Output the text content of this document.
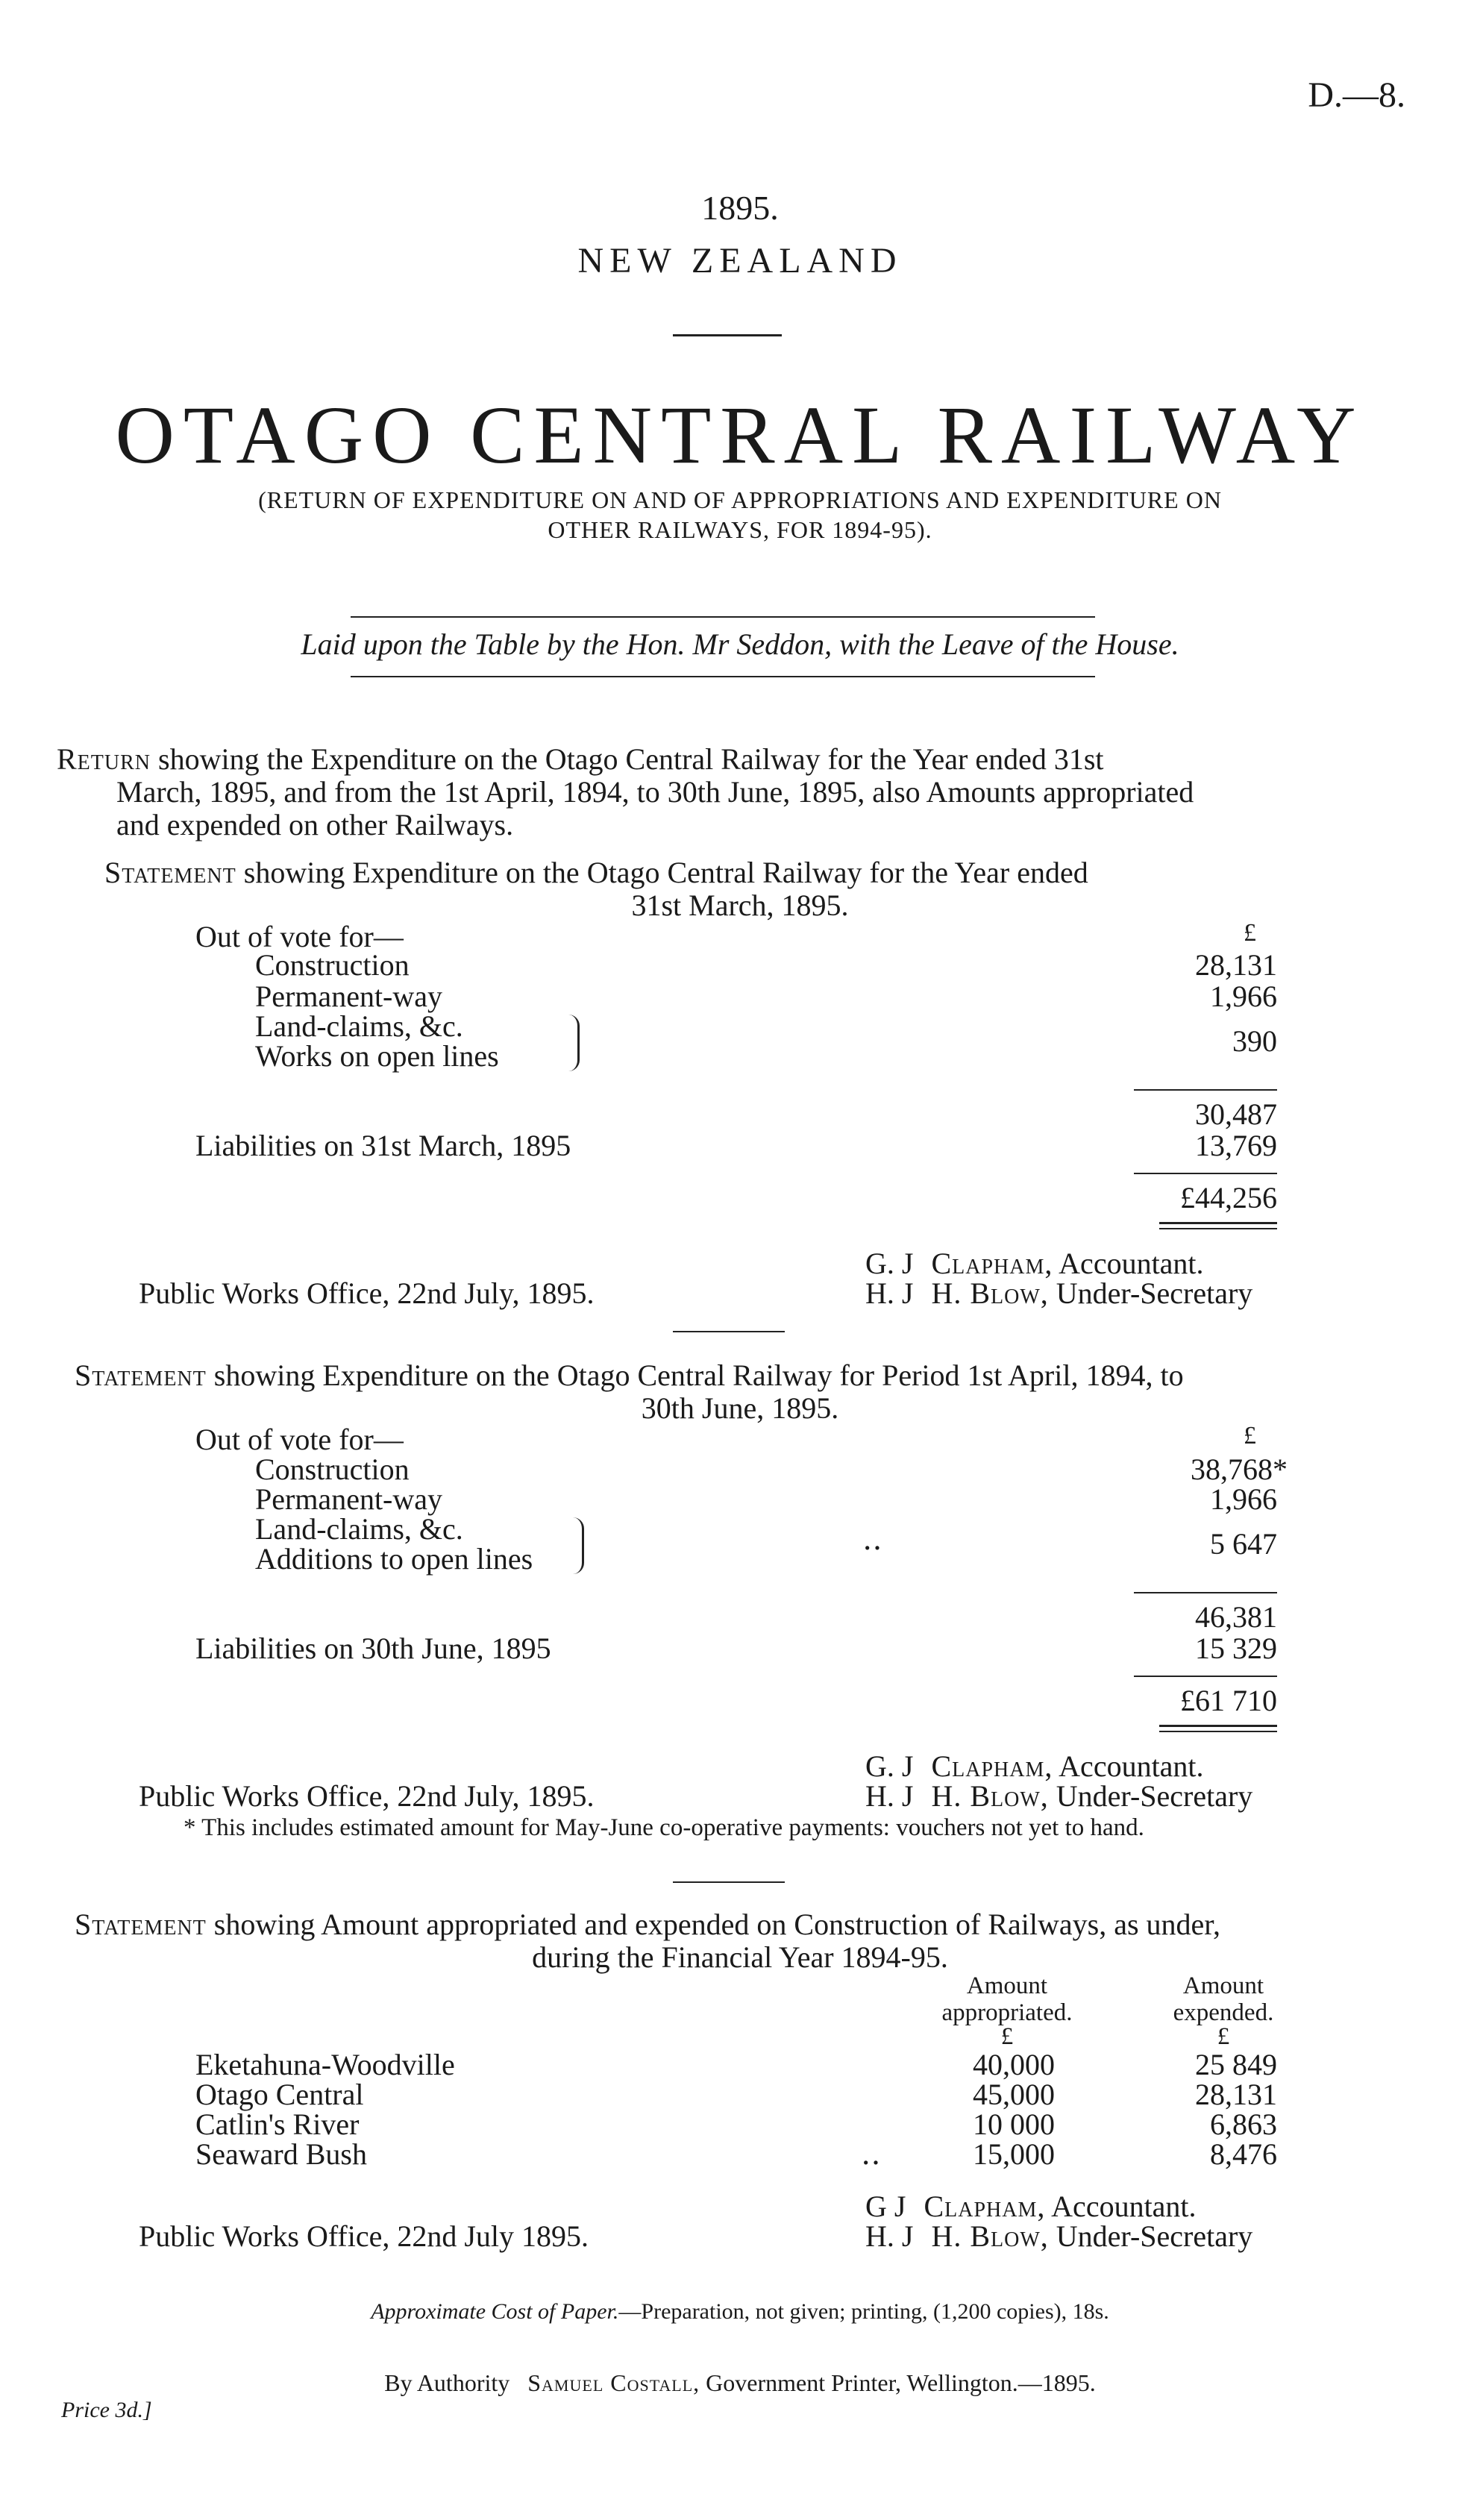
D.—8.
1895.
NEW ZEALAND
OTAGO CENTRAL RAILWAY
(RETURN OF EXPENDITURE ON AND OF APPROPRIATIONS AND EXPENDITURE ON
OTHER RAILWAYS, FOR 1894-95).
Laid upon the Table by the Hon. Mr Seddon, with the Leave of the House.
Return showing the Expenditure on the Otago Central Railway for the Year ended 31st
March, 1895, and from the 1st April, 1894, to 30th June, 1895, also Amounts appropriated
and expended on other Railways.
Statement showing Expenditure on the Otago Central Railway for the Year ended
31st March, 1895.
Out of vote for—	£
Construction	28,131
Permanent-way	1,966
Land-claims, &c.
Works on open lines	390
30,487
Liabilities on 31st March, 1895	13,769
£44,256
G. J Clapham, Accountant.
Public Works Office, 22nd July, 1895.	H. J H. Blow, Under-Secretary
Statement showing Expenditure on the Otago Central Railway for Period 1st April, 1894, to
30th June, 1895.
Out of vote for—	£
Construction	38,768*
Permanent-way	1,966
Land-claims, &c.
Additions to open lines
‥	5 647
46,381
Liabilities on 30th June, 1895	15 329
£61 710
G. J Clapham, Accountant.
Public Works Office, 22nd July, 1895.	H. J H. Blow, Under-Secretary
* This includes estimated amount for May-June co-operative payments: vouchers not yet to hand.
Statement showing Amount appropriated and expended on Construction of Railways, as under,
during the Financial Year 1894-95.
Amount
appropriated.
£
Amount
expended.
£
Eketahuna-Woodville	40,000	25 849
Otago Central	45,000	28,131
Catlin's River	10 000	6,863
Seaward Bush	‥	15,000	8,476
G J Clapham, Accountant.
Public Works Office, 22nd July 1895.	H. J H. Blow, Under-Secretary
Approximate Cost of Paper.—Preparation, not given; printing, (1,200 copies), 18s.
By Authority Samuel Costall, Government Printer, Wellington.—1895.
Price 3d.]
